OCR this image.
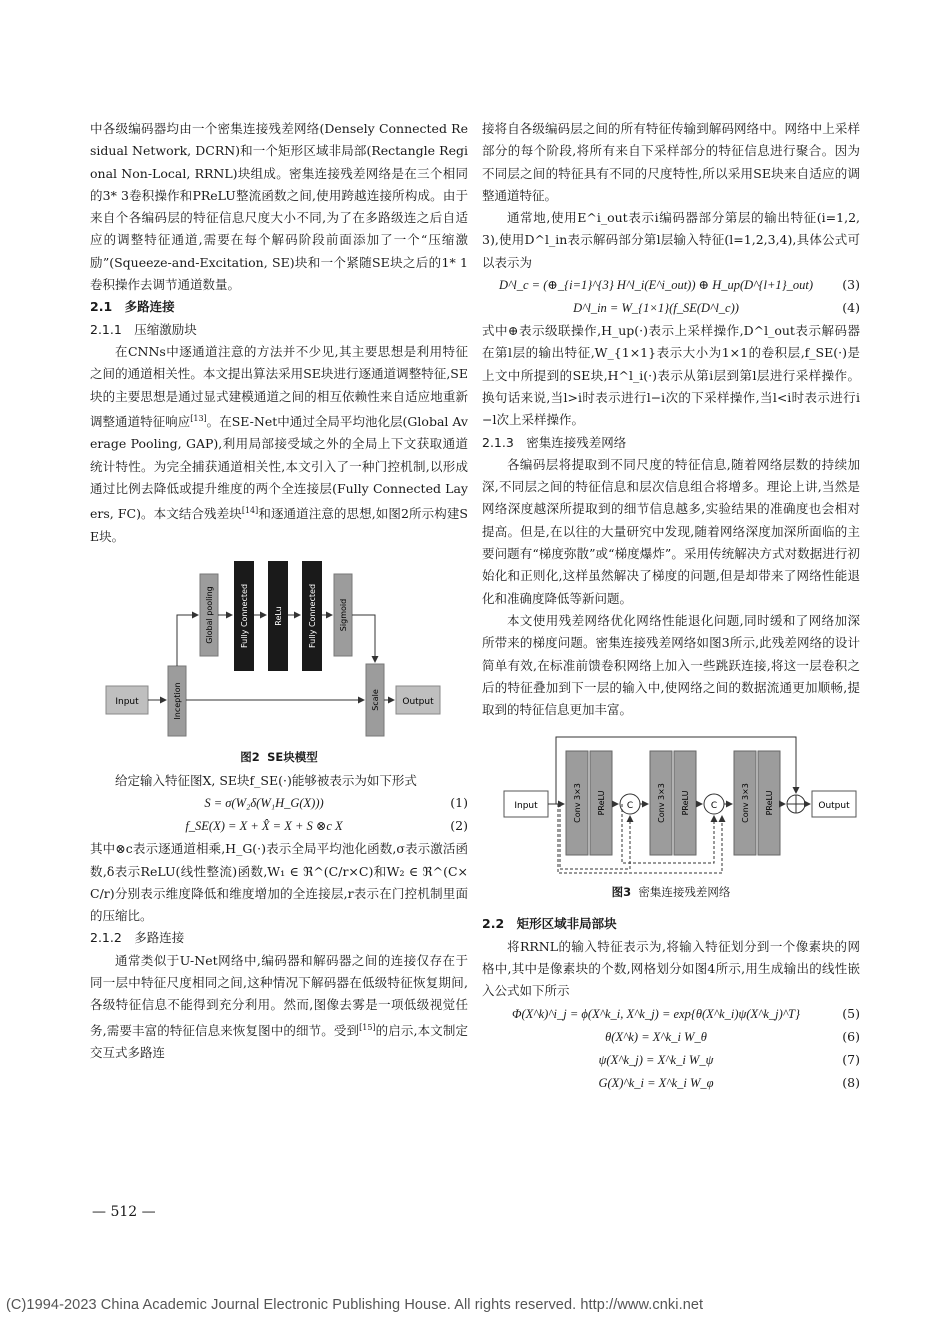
中各级编码器均由一个密集连接残差网络(Densely Connected Residual Network, DCRN)和一个矩形区域非局部(Rectangle Regional Non-Local, RRNL)块组成。密集连接残差网络是在三个相同的3* 3卷积操作和PReLU整流函数之间,使用跨越连接所构成。由于来自个各编码层的特征信息尺度大小不同,为了在多路级连之后自适应的调整特征通道,需要在每个解码阶段前面添加了一个“压缩激励”(Squeeze-and-Excitation, SE)块和一个紧随SE块之后的1* 1卷积操作去调节通道数量。

2.1　多路连接
2.1.1　压缩激励块

在CNNs中逐通道注意的方法并不少见,其主要思想是利用特征之间的通道相关性。本文提出算法采用SE块进行逐通道调整特征,SE块的主要思想是通过显式建模通道之间的相互依赖性来自适应地重新调整通道特征响应[13]。在SE-Net中通过全局平均池化层(Global Average Pooling, GAP),利用局部接受域之外的全局上下文获取通道统计特性。为完全捕获通道相关性,本文引入了一种门控机制,以形成通过比例去降低或提升维度的两个全连接层(Fully Connected Layers, FC)。本文结合残差块[14]和逐通道注意的思想,如图2所示构建SE块。

Input	Inception
Global pooling	Fully Connected	ReLu	Fully Connected	Sigmoid
Scale Output
图2 SE块模型

给定输入特征图X, SE块f_SE(·)能够被表示为如下形式

S = σ(W₂δ(W₁H_G(X)))	(1)
f_SE(X) = X + X̂ = X + S ⊗c X	(2)

其中⊗c表示逐通道相乘,H_G(·)表示全局平均池化函数,σ表示激活函数,δ表示ReLU(线性整流)函数,W₁ ∈ ℜ^(C/r×C)和W₂ ∈ ℜ^(C×C/r)分别表示维度降低和维度增加的全连接层,r表示在门控机制里面的压缩比。

2.1.2　多路连接

通常类似于U-Net网络中,编码器和解码器之间的连接仅存在于同一层中特征尺度相同之间,这种情况下解码器在低级特征恢复期间,各级特征信息不能得到充分利用。然而,图像去雾是一项低级视觉任务,需要丰富的特征信息来恢复图中的细节。受到[15]的启示,本文制定交互式多路连

— 512 —

接将自各级编码层之间的所有特征传输到解码网络中。网络中上采样部分的每个阶段,将所有来自下采样部分的特征信息进行聚合。因为不同层之间的特征具有不同的尺度特性,所以采用SE块来自适应的调整通道特征。

通常地,使用E^i_out表示i编码器部分第层的输出特征(i=1,2,3),使用D^l_in表示解码部分第l层输入特征(l=1,2,3,4),具体公式可以表示为

D^l_c = (⊕_{i=1}^{3} H^l_i(E^i_out)) ⊕ H_up(D^{l+1}_out)	(3)
D^l_in = W_{1×1}(f_SE(D^l_c))	(4)

式中⊕表示级联操作,H_up(·)表示上采样操作,D^l_out表示解码器在第l层的输出特征,W_{1×1}表示大小为1×1的卷积层,f_SE(·)是上文中所提到的SE块,H^l_i(·)表示从第i层到第l层进行采样操作。换句话来说,当l>i时表示进行l−i次的下采样操作,当l<i时表示进行i−l次上采样操作。

2.1.3　密集连接残差网络

各编码层将提取到不同尺度的特征信息,随着网络层数的持续加深,不同层之间的特征信息和层次信息组合将增多。理论上讲,当然是网络深度越深所提取到的细节信息越多,实验结果的准确度也会相对提高。但是,在以往的大量研究中发现,随着网络深度加深所面临的主要问题有“梯度弥散”或“梯度爆炸”。采用传统解决方式对数据进行初始化和正则化,这样虽然解决了梯度的问题,但是却带来了网络性能退化和准确度降低等新问题。

本文使用残差网络优化网络性能退化问题,同时缓和了网络加深所带来的梯度问题。密集连接残差网络如图3所示,此残差网络的设计简单有效,在标准前馈卷积网络上加入一些跳跃连接,将这一层卷积之后的特征叠加到下一层的输入中,使网络之间的数据流通更加顺畅,提取到的特征信息更加丰富。

Input	Conv 3×3 PReLU C	Conv 3×3 PReLU C	Conv 3×3 PReLU	Output
图3 密集连接残差网络
2.2　矩形区域非局部块

将RRNL的输入特征表示为,将输入特征划分到一个像素块的网格中,其中是像素块的个数,网格划分如图4所示,用生成输出的线性嵌入公式如下所示

Φ(X^k)^i_j = ϕ(X^k_i, X^k_j) = exp{θ(X^k_i)ψ(X^k_j)^T}	(5)
θ(X^k) = X^k_i W_θ	(6)
ψ(X^k_j) = X^k_i W_ψ	(7)
G(X)^k_i = X^k_i W_φ	(8)
(C)1994-2023 China Academic Journal Electronic Publishing House. All rights reserved. http://www.cnki.net
